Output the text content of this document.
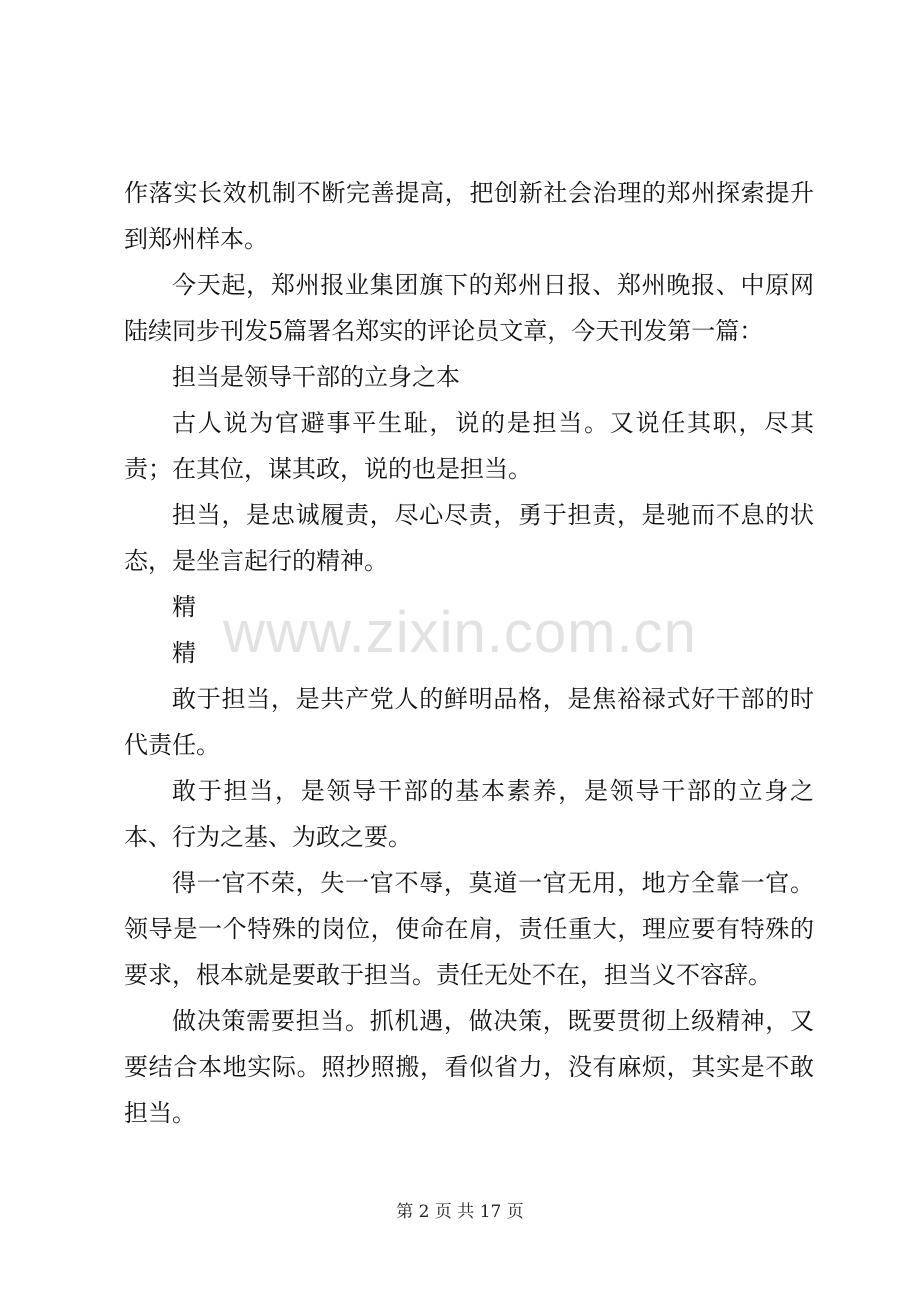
作落实长效机制不断完善提高，把创新社会治理的郑州探索提升到郑州样本。

今天起，郑州报业集团旗下的郑州日报、郑州晚报、中原网陆续同步刊发5篇署名郑实的评论员文章，今天刊发第一篇：

担当是领导干部的立身之本

古人说为官避事平生耻，说的是担当。又说任其职，尽其责；在其位，谋其政，说的也是担当。

担当，是忠诚履责，尽心尽责，勇于担责，是驰而不息的状态，是坐言起行的精神。

精

精

敢于担当，是共产党人的鲜明品格，是焦裕禄式好干部的时代责任。

敢于担当，是领导干部的基本素养，是领导干部的立身之本、行为之基、为政之要。

得一官不荣，失一官不辱，莫道一官无用，地方全靠一官。领导是一个特殊的岗位，使命在肩，责任重大，理应要有特殊的要求，根本就是要敢于担当。责任无处不在，担当义不容辞。

做决策需要担当。抓机遇，做决策，既要贯彻上级精神，又要结合本地实际。照抄照搬，看似省力，没有麻烦，其实是不敢担当。

www.zixin.com.cn
第 2 页 共 17 页
